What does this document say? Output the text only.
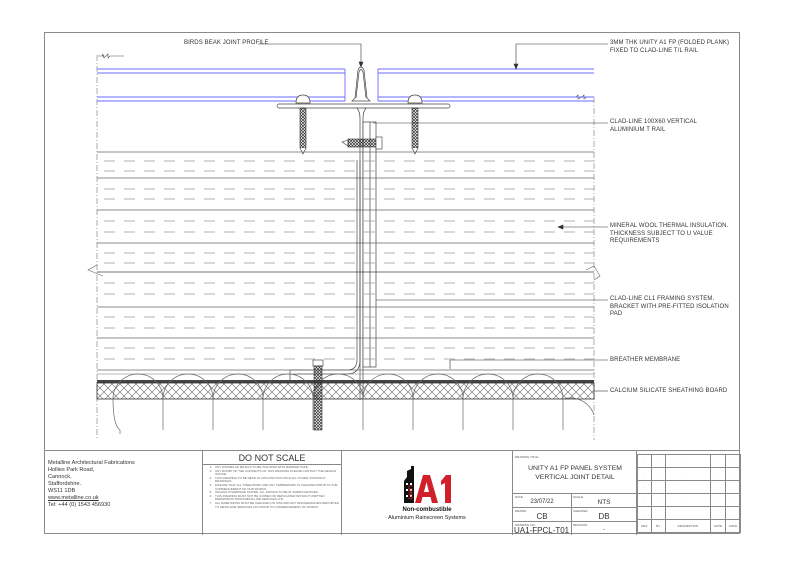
BIRDS BEAK JOINT PROFILE	3MM THK UNITY A1 FP (FOLDED PLANK)
FIXED TO CLAD-LINE T/L RAIL
CLAD-LINE 100X60 VERTICAL
ALUMINIUM T RAIL
MINERAL WOOL THERMAL INSULATION.
THICKNESS SUBJECT TO U VALUE
REQUIREMENTS
CLAD-LINE CL1 FRAMING SYSTEM.
BRACKET WITH PRE-FITTED ISOLATION
PAD
BREATHER MEMBRANE
CALCIUM SILICATE SHEATHING BOARD
Metalline Architectural Fabrications
Hollies Park Road,
Cannock,
Staffordshire.
WS11 1DB
www.metalline.co.uk
Tel: +44 (0) 1543 456930
DO NOT SCALE
1. ANY DISSIMILAR METALS TO BE ISOLATED WITH BARRIER TAPE.
2. ANY DOUBT OF THE CONTENTS OF THIS DRAWING PLEASE CONTACT THE DESIGN OFFICE.
3. THIS DRAWING TO BE READ IN CONJUNCTION WITH ALL OTHER CONTRACT DRAWINGS.
4. ENSURE THAT ALL STEELWORK AND ANY TIMBERWORK IS CHECKED PRIOR TO THE COMMENCEMENT OF OUR WORKS.
5. UNLESS OTHERWISE STATED, ALL FIXINGS TO BE AT 400MM CENTRES.
6. THIS DRAWING MUST NOT BE COPIED OR REPLICATED WITHOUT WRITTEN PERMISSION FROM METALLINE SERVICES LTD.
7. ALL DIMENSIONS MUST BE CHECKED ON SITE AND ANY DISCREPANCIES REPORTED TO METALLINE SERVICES LTD PRIOR TO COMMENCEMENT OF WORKS.
UNITY
Non-combustible
Aluminium Rainscreen Systems
DRAWING TITLE
UNITY A1 FP PANEL SYSTEM
VERTICAL JOINT DETAIL
DATE
23/07/22
SCALE
NTS
DRAWN
CB
CHECKED
DB
DRAWING NO.
UA1-FPCL-T01
REVISION
-
-	-	-	-	-
-	-	-	-	-
-	-	-	-	-
-	-	-	-	-
-	-	-	-	-
REV	BY	DESCRIPTION	DATE	CHKD
